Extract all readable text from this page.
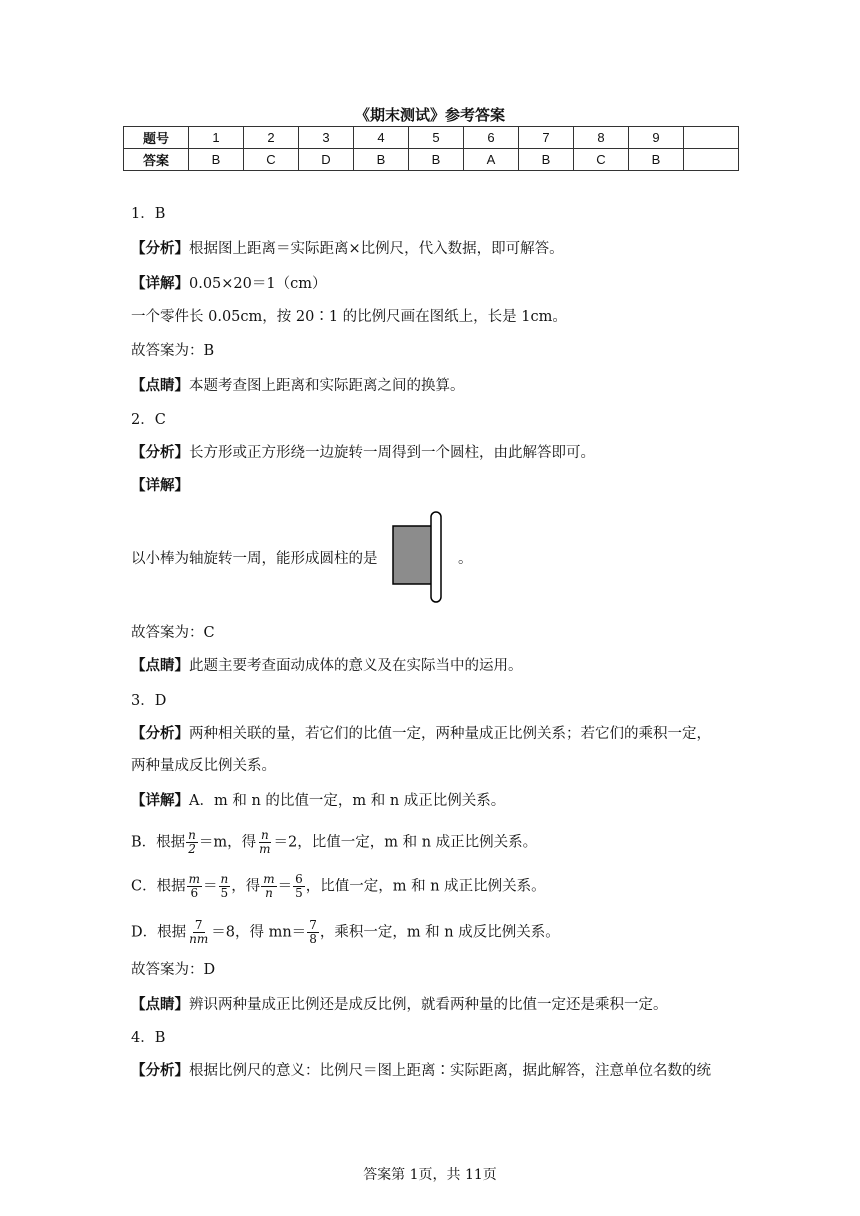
《期末测试》参考答案
题号	1	2	3	4	5	6	7	8	9	
答案	B	C	D	B	B	A	B	C	B	
1．B
【分析】根据图上距离＝实际距离×比例尺，代入数据，即可解答。
【详解】0.05×20＝1（cm）
一个零件长 0.05cm，按 20∶1 的比例尺画在图纸上，长是 1cm。
故答案为：B
【点睛】本题考查图上距离和实际距离之间的换算。
2．C
【分析】长方形或正方形绕一边旋转一周得到一个圆柱，由此解答即可。
【详解】
以小棒为轴旋转一周，能形成圆柱的是	。
故答案为：C
【点睛】此题主要考查面动成体的意义及在实际当中的运用。
3．D
【分析】两种相关联的量，若它们的比值一定，两种量成正比例关系；若它们的乘积一定，
两种量成反比例关系。
【详解】A．m 和 n 的比值一定，m 和 n 成正比例关系。
B．根据 $\frac{n}{2} =m$，得 $\frac{n}{m} =2$，比值一定，m 和 n 成正比例关系。
C．根据 $\frac{m}{6} = \frac{n}{5}$ ，得 $\frac{m}{n} = \frac{6}{5}$ ，比值一定，m 和 n 成正比例关系。
D．根据 $\frac{7}{nm} =8$，得 $mn= \frac{7}{8}$ ，乘积一定，m 和 n 成反比例关系。
故答案为：D
【点睛】辨识两种量成正比例还是成反比例，就看两种量的比值一定还是乘积一定。
4．B
【分析】根据比例尺的意义：比例尺＝图上距离∶实际距离，据此解答，注意单位名数的统
答案第 1页，共 11页
